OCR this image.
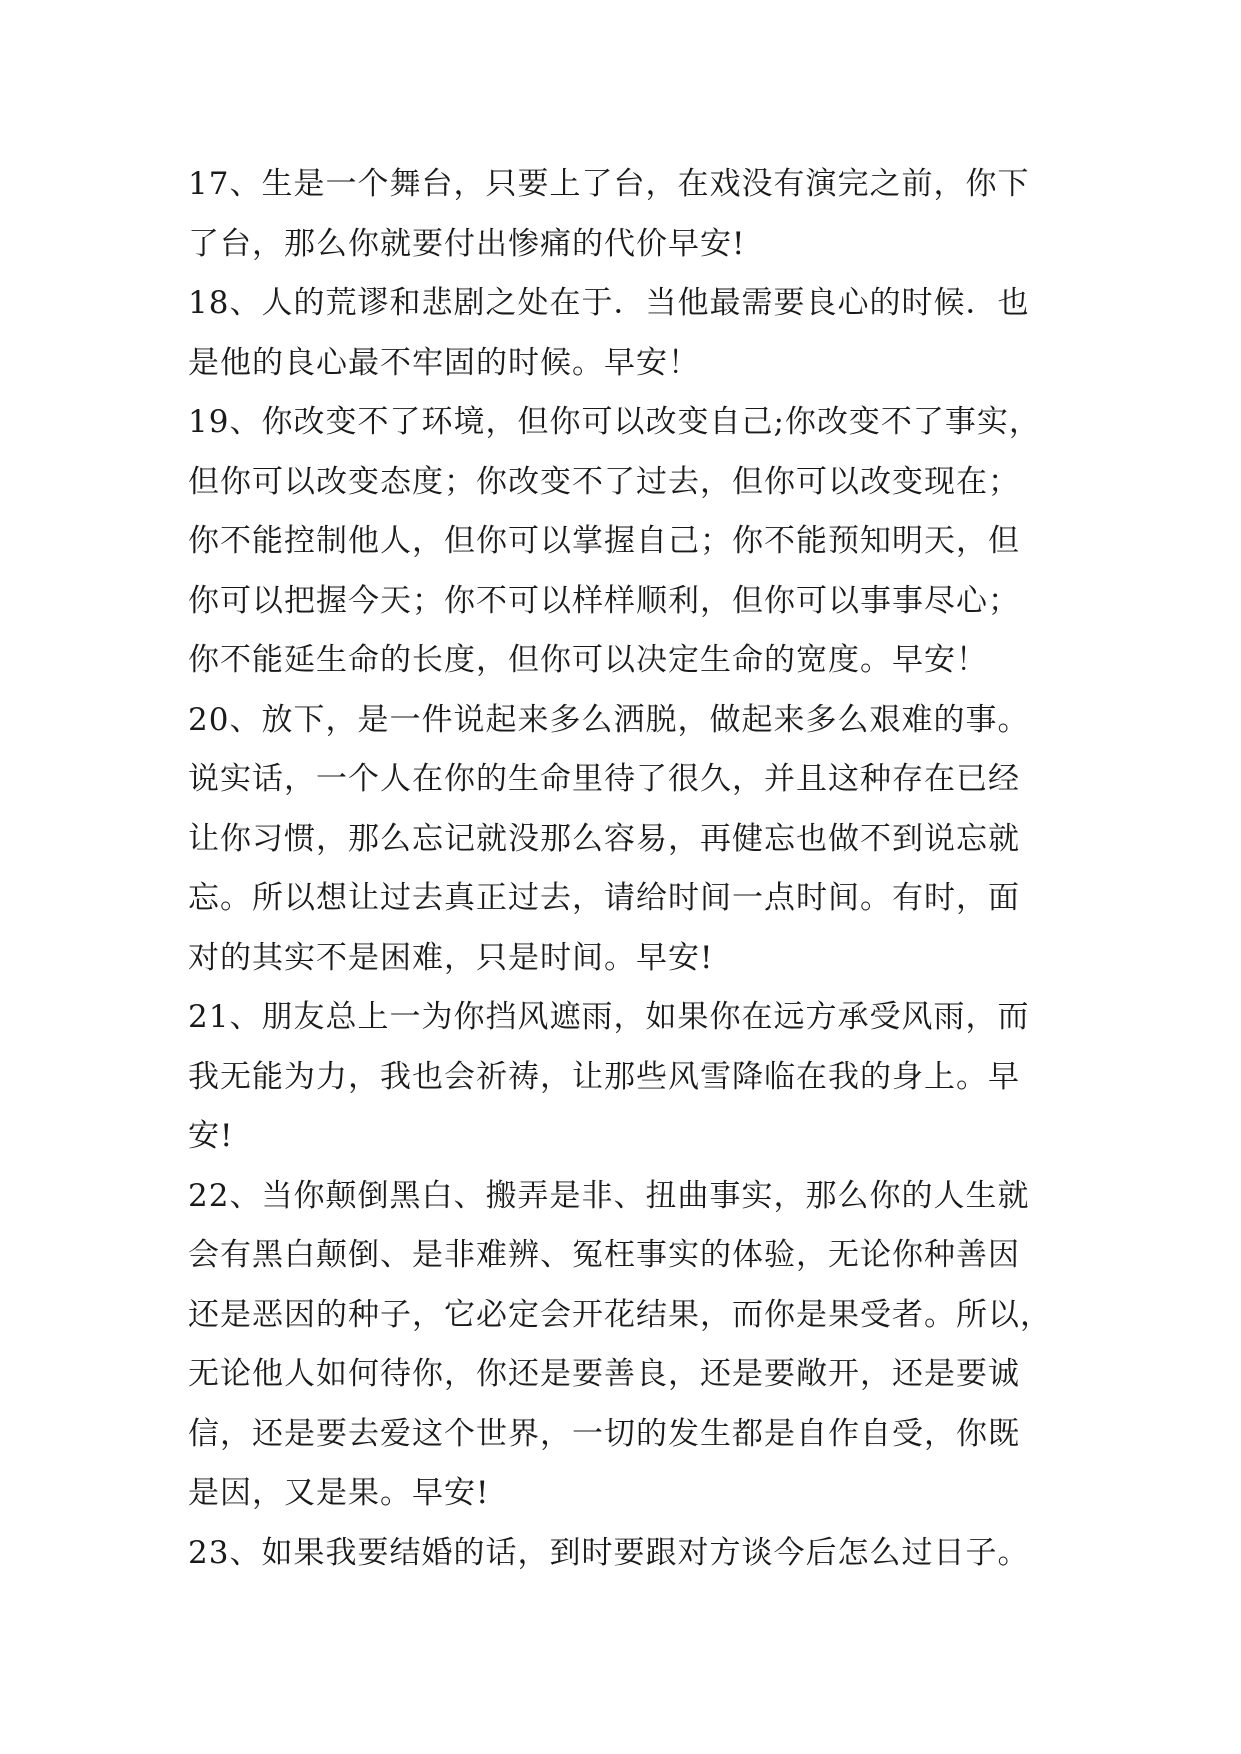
17、生是一个舞台，只要上了台，在戏没有演完之前，你下
了台，那么你就要付出惨痛的代价早安!

18、人的荒谬和悲剧之处在于．当他最需要良心的时候．也
是他的良心最不牢固的时候。早安！

19、你改变不了环境，但你可以改变自己;你改变不了事实，
但你可以改变态度；你改变不了过去，但你可以改变现在；
你不能控制他人，但你可以掌握自己；你不能预知明天，但
你可以把握今天；你不可以样样顺利，但你可以事事尽心；
你不能延生命的长度，但你可以决定生命的宽度。早安！

20、放下，是一件说起来多么洒脱，做起来多么艰难的事。
说实话，一个人在你的生命里待了很久，并且这种存在已经
让你习惯，那么忘记就没那么容易，再健忘也做不到说忘就
忘。所以想让过去真正过去，请给时间一点时间。有时，面
对的其实不是困难，只是时间。早安!

21、朋友总上一为你挡风遮雨，如果你在远方承受风雨，而
我无能为力，我也会祈祷，让那些风雪降临在我的身上。早
安!

22、当你颠倒黑白、搬弄是非、扭曲事实，那么你的人生就
会有黑白颠倒、是非难辨、冤枉事实的体验，无论你种善因
还是恶因的种子，它必定会开花结果，而你是果受者。所以，
无论他人如何待你，你还是要善良，还是要敞开，还是要诚
信，还是要去爱这个世界，一切的发生都是自作自受，你既
是因，又是果。早安!

23、如果我要结婚的话，到时要跟对方谈今后怎么过日子。
